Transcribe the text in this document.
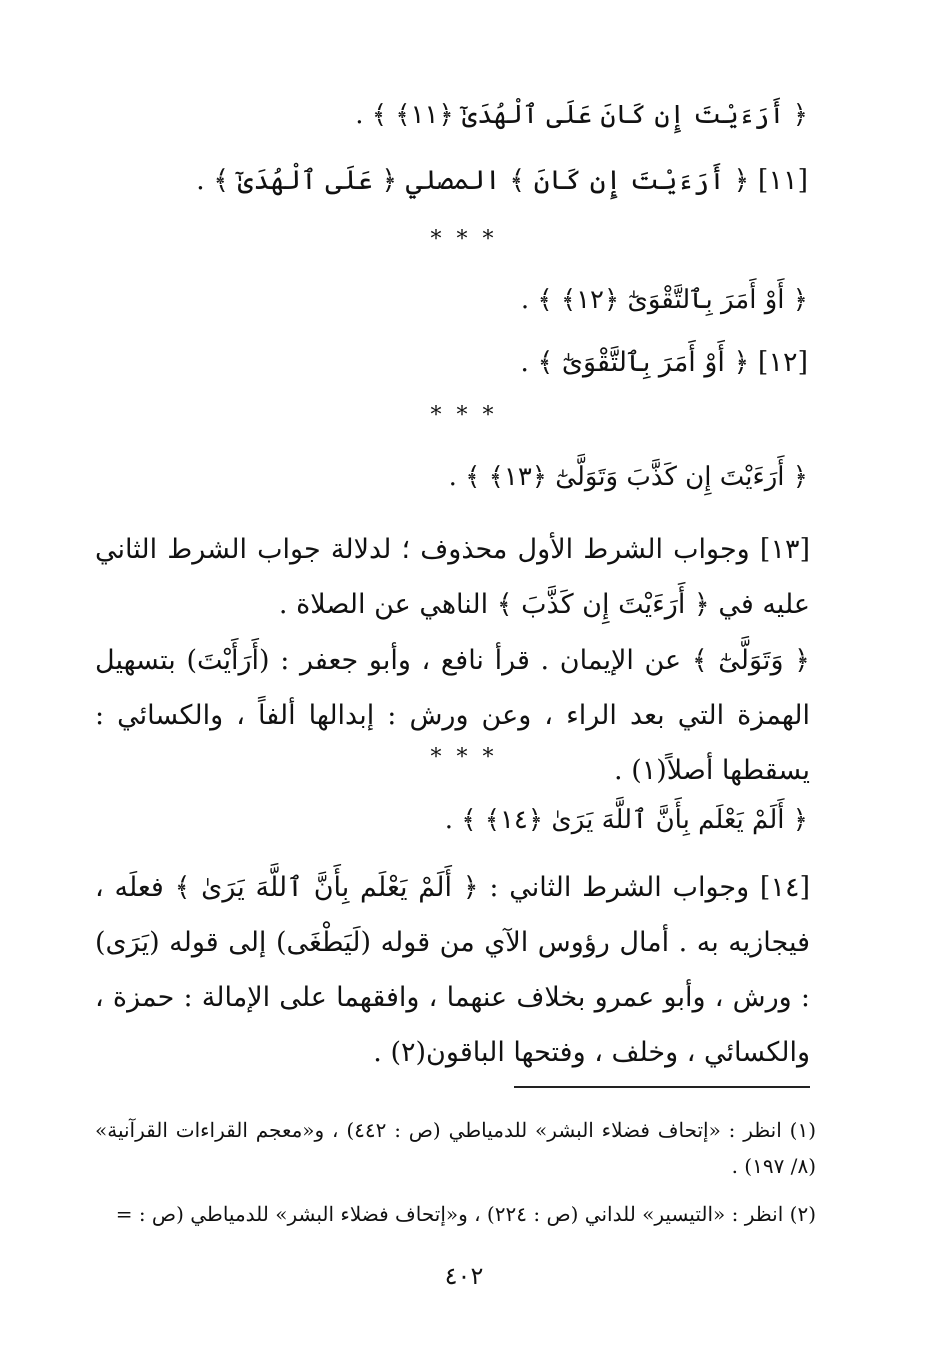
﴿ أَرَءَيْتَ إِن كَانَ عَلَى ٱلْهُدَىٰٓ ﴿١١﴾ ﴾ .
[١١] ﴿ أَرَءَيْتَ إِن كَانَ ﴾ المصلي ﴿ عَلَى ٱلْهُدَىٰٓ ﴾ .
* * *
﴿ أَوْ أَمَرَ بِٱلتَّقْوَىٰٓ ﴿١٢﴾ ﴾ .
[١٢] ﴿ أَوْ أَمَرَ بِٱلتَّقْوَىٰٓ ﴾ .
* * *
﴿ أَرَءَيْتَ إِن كَذَّبَ وَتَوَلَّىٰٓ ﴿١٣﴾ ﴾ .
[١٣] وجواب الشرط الأول محذوف ؛ لدلالة جواب الشرط الثاني عليه في ﴿ أَرَءَيْتَ إِن كَذَّبَ ﴾ الناهي عن الصلاة .
﴿ وَتَوَلَّىٰٓ ﴾ عن الإيمان . قرأ نافع ، وأبو جعفر : (أَرَأَيْتَ) بتسهيل الهمزة التي بعد الراء ، وعن ورش : إبدالها ألفاً ، والكسائي : يسقطها أصلاً(١) .
* * *
﴿ أَلَمْ يَعْلَم بِأَنَّ ٱللَّهَ يَرَىٰ ﴿١٤﴾ ﴾ .
[١٤] وجواب الشرط الثاني : ﴿ أَلَمْ يَعْلَم بِأَنَّ ٱللَّهَ يَرَىٰ ﴾ فعلَه ، فيجازيه به . أمال رؤوس الآي من قوله (لَيَطْغَى) إلى قوله (يَرَى) : ورش ، وأبو عمرو بخلاف عنهما ، وافقهما على الإمالة : حمزة ، والكسائي ، وخلف ، وفتحها الباقون(٢) .
(١) انظر : «إتحاف فضلاء البشر» للدمياطي (ص : ٤٤٢) ، و«معجم القراءات القرآنية» (٨/ ١٩٧) .
(٢) انظر : «التيسير» للداني (ص : ٢٢٤) ، و«إتحاف فضلاء البشر» للدمياطي (ص : =
٤٠٢
